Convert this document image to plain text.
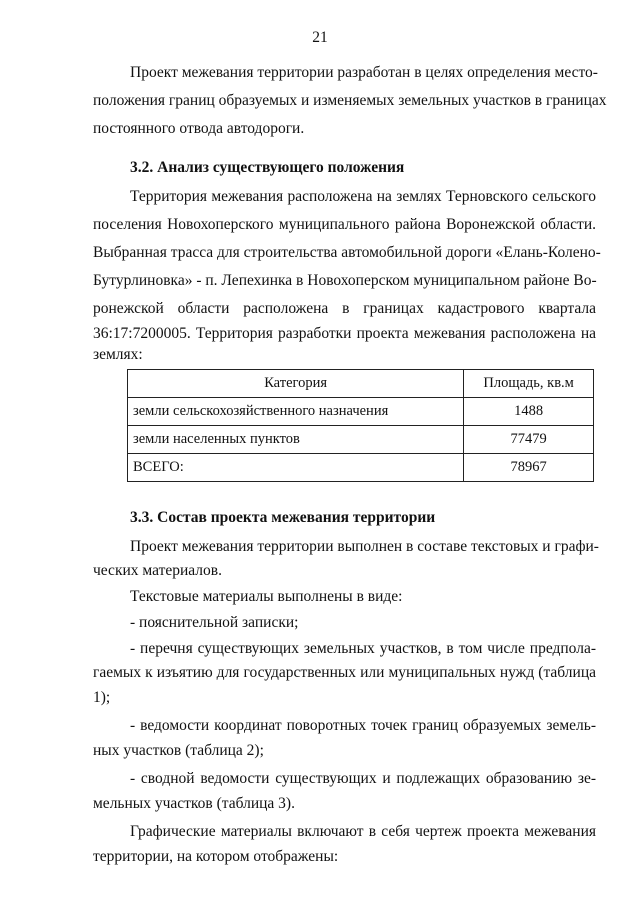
21
Проект межевания территории разработан в целях определения место-
положения границ образуемых и изменяемых земельных участков в границах
постоянного отвода автодороги.
3.2. Анализ существующего положения
Территория межевания расположена на землях Терновского сельского
поселения Новохоперского муниципального района Воронежской области.
Выбранная трасса для строительства автомобильной дороги «Елань-Колено-
Бутурлиновка» - п. Лепехинка в Новохоперском муниципальном районе Во-
ронежской области расположена в границах кадастрового квартала
36:17:7200005. Территория разработки проекта межевания расположена на
землях:
Категория	Площадь, кв.м
земли сельскохозяйственного назначения	1488
земли населенных пунктов	77479
ВСЕГО:	78967
3.3. Состав проекта межевания территории
Проект межевания территории выполнен в составе текстовых и графи-
ческих материалов.
Текстовые материалы выполнены в виде:
- пояснительной записки;
- перечня существующих земельных участков, в том числе предпола-
гаемых к изъятию для государственных или муниципальных нужд (таблица
1);
- ведомости координат поворотных точек границ образуемых земель-
ных участков (таблица 2);
- сводной ведомости существующих и подлежащих образованию зе-
мельных участков (таблица 3).
Графические материалы включают в себя чертеж проекта межевания
территории, на котором отображены:
